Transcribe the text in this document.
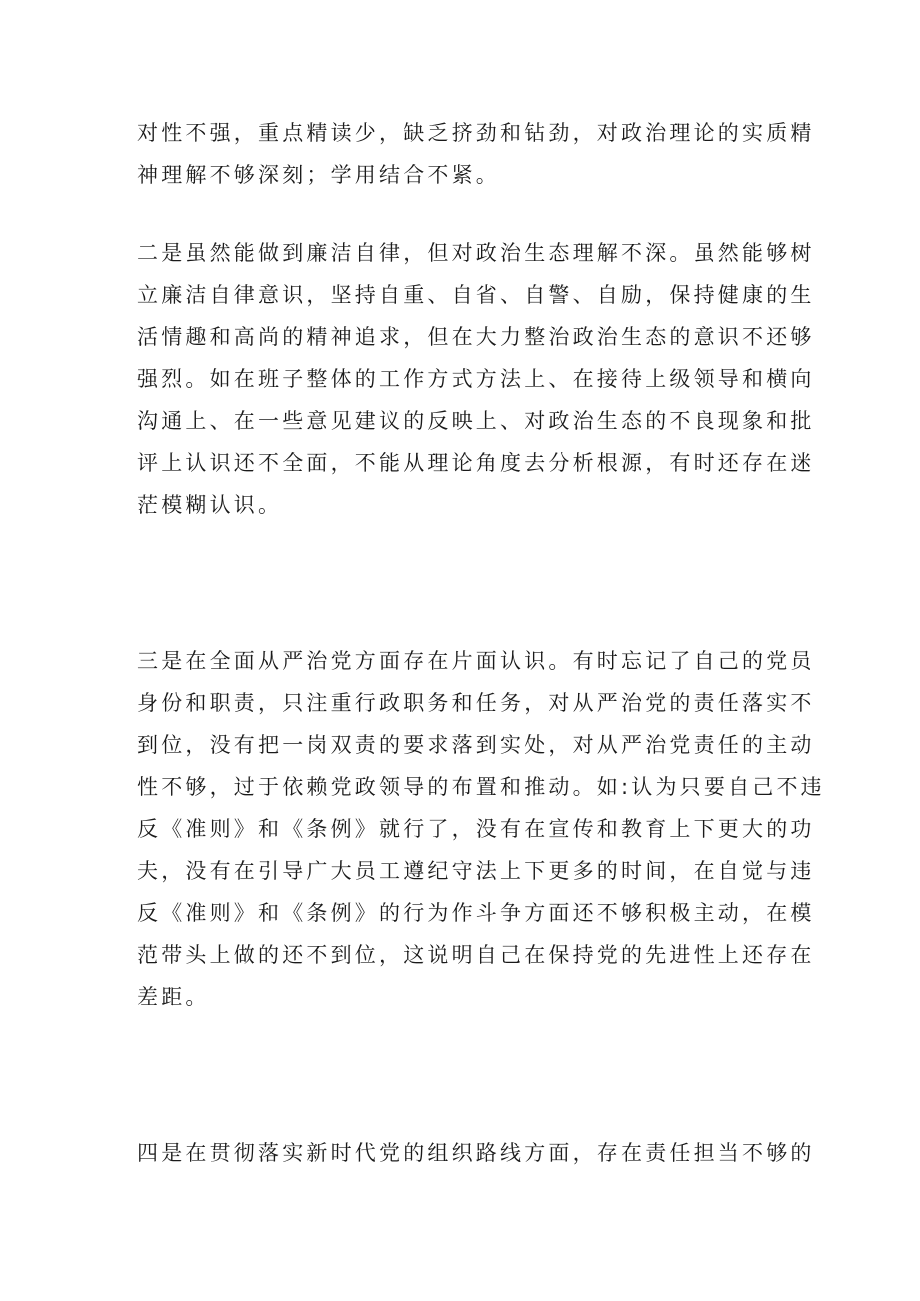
对性不强，重点精读少，缺乏挤劲和钻劲，对政治理论的实质精
神理解不够深刻；学用结合不紧。
二是虽然能做到廉洁自律，但对政治生态理解不深。虽然能够树
立廉洁自律意识，坚持自重、自省、自警、自励，保持健康的生
活情趣和高尚的精神追求，但在大力整治政治生态的意识不还够
强烈。如在班子整体的工作方式方法上、在接待上级领导和横向
沟通上、在一些意见建议的反映上、对政治生态的不良现象和批
评上认识还不全面，不能从理论角度去分析根源，有时还存在迷
茫模糊认识。
三是在全面从严治党方面存在片面认识。有时忘记了自己的党员
身份和职责，只注重行政职务和任务，对从严治党的责任落实不
到位，没有把一岗双责的要求落到实处，对从严治党责任的主动
性不够，过于依赖党政领导的布置和推动。如:认为只要自己不违
反《准则》和《条例》就行了，没有在宣传和教育上下更大的功
夫，没有在引导广大员工遵纪守法上下更多的时间，在自觉与违
反《准则》和《条例》的行为作斗争方面还不够积极主动，在模
范带头上做的还不到位，这说明自己在保持党的先进性上还存在
差距。
四是在贯彻落实新时代党的组织路线方面，存在责任担当不够的
